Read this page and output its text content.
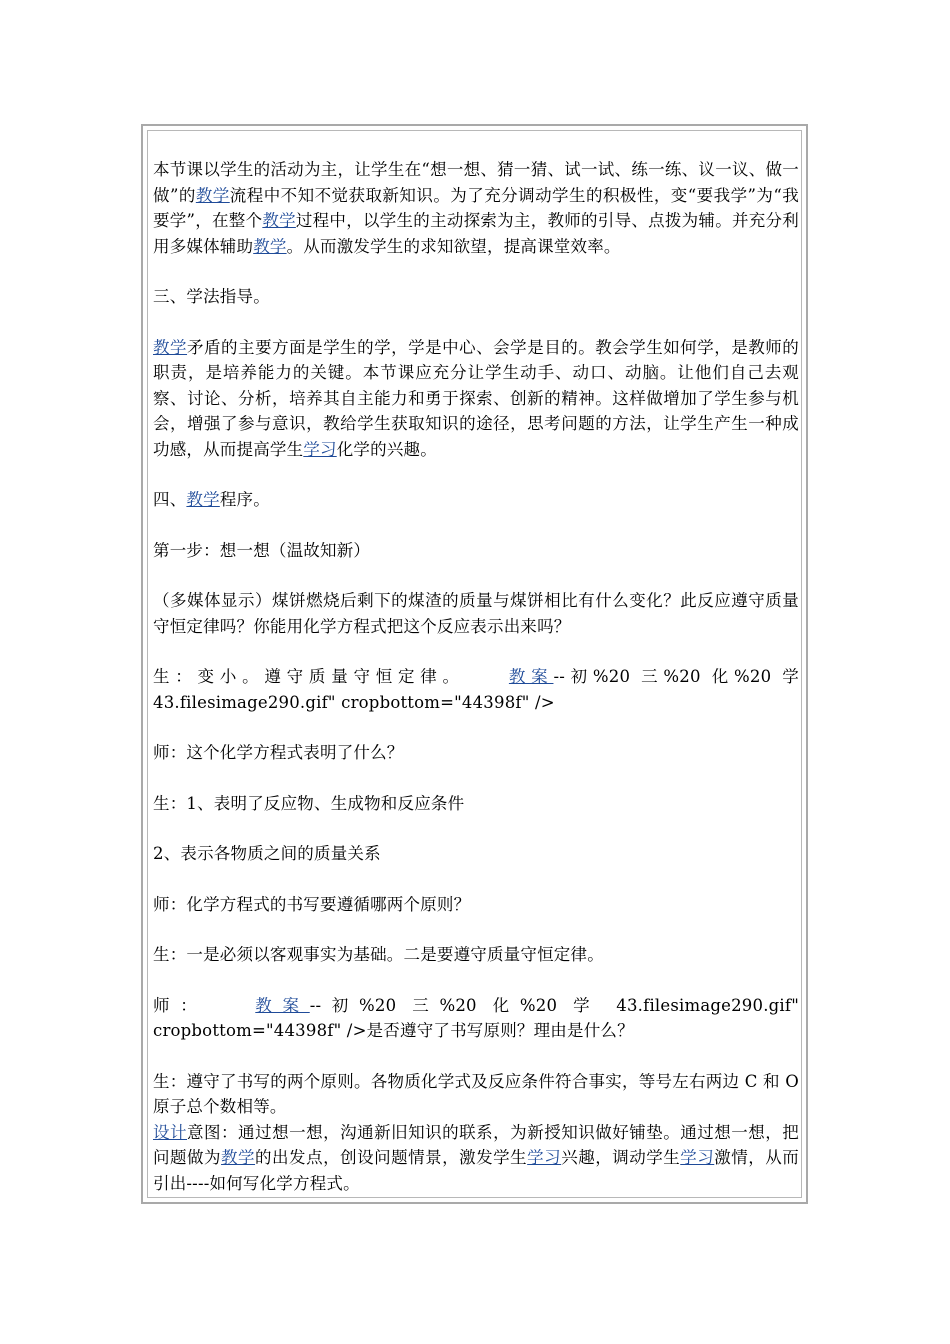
本节课以学生的活动为主，让学生在“想一想、猜一猜、试一试、练一练、议一议、做一做”的教学流程中不知不觉获取新知识。为了充分调动学生的积极性，变“要我学”为“我要学”，在整个教学过程中，以学生的主动探索为主，教师的引导、点拨为辅。并充分利用多媒体辅助教学。从而激发学生的求知欲望，提高课堂效率。

三、学法指导。

教学矛盾的主要方面是学生的学，学是中心、会学是目的。教会学生如何学，是教师的职责，是培养能力的关键。本节课应充分让学生动手、动口、动脑。让他们自己去观察、讨论、分析，培养其自主能力和勇于探索、创新的精神。这样做增加了学生参与机会，增强了参与意识，教给学生获取知识的途径，思考问题的方法，让学生产生一种成功感，从而提高学生学习化学的兴趣。

四、教学程序。

第一步：想一想（温故知新）

（多媒体显示）煤饼燃烧后剩下的煤渣的质量与煤饼相比有什么变化？此反应遵守质量守恒定律吗？你能用化学方程式把这个反应表示出来吗？

生：变小。遵守质量守恒定律。    教案--初%20 三%20 化%20 学 43.filesimage290.gif" cropbottom="44398f" />

师：这个化学方程式表明了什么？

生：1、表明了反应物、生成物和反应条件

2、表示各物质之间的质量关系

师：化学方程式的书写要遵循哪两个原则？

生：一是必须以客观事实为基础。二是要遵守质量守恒定律。

师：   教案--初%20 三%20 化%20 学 43.filesimage290.gif" cropbottom="44398f" />是否遵守了书写原则？理由是什么？

生：遵守了书写的两个原则。各物质化学式及反应条件符合事实，等号左右两边 C 和 O 原子总个数相等。

设计意图：通过想一想，沟通新旧知识的联系，为新授知识做好铺垫。通过想一想，把问题做为教学的出发点，创设问题情景，激发学生学习兴趣，调动学生学习激情，从而引出----如何写化学方程式。
